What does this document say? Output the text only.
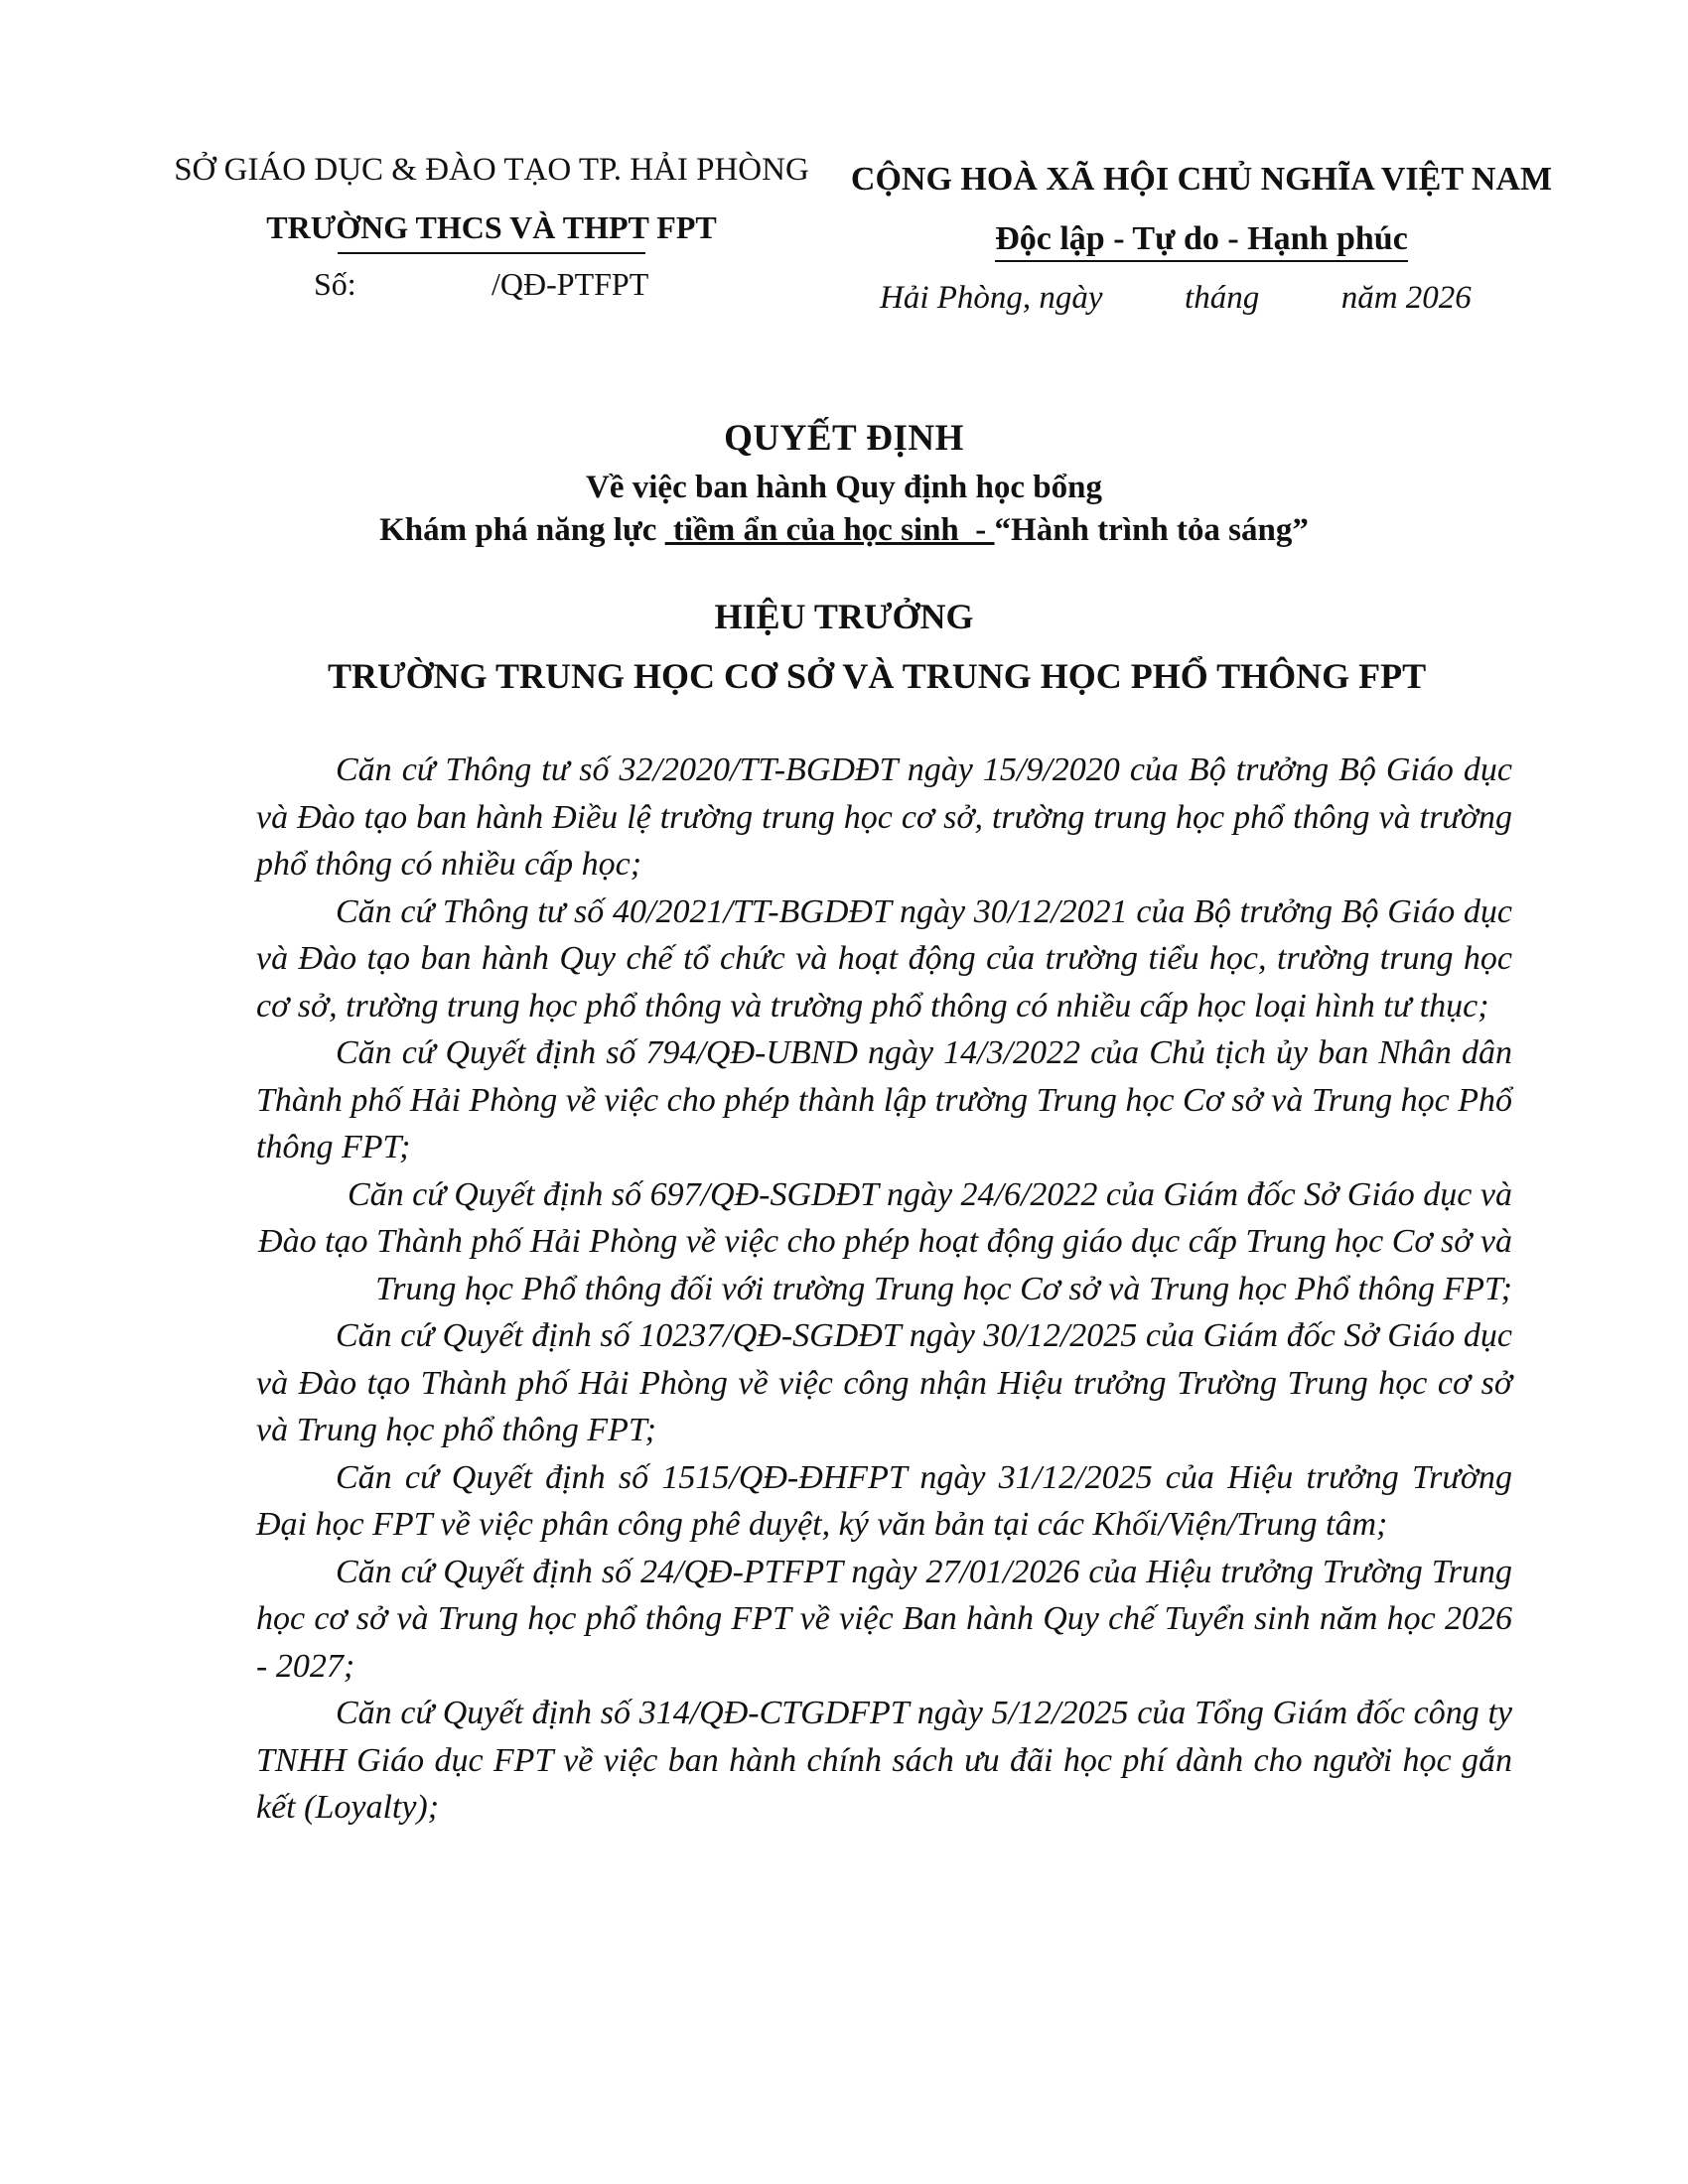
SỞ GIÁO DỤC & ĐÀO TẠO TP. HẢI PHÒNG
TRƯỜNG THCS VÀ THPT FPT
Số:	/QĐ-PTFPT
CỘNG HOÀ XÃ HỘI CHỦ NGHĨA VIỆT NAM
Độc lập - Tự do - Hạnh phúc
Hải Phòng, ngày          tháng          năm 2026
QUYẾT ĐỊNH
Về việc ban hành Quy định học bổng
Khám phá năng lực  tiềm ẩn của học sinh  - “Hành trình tỏa sáng”
HIỆU TRƯỞNG
TRƯỜNG TRUNG HỌC CƠ SỞ VÀ TRUNG HỌC PHỔ THÔNG FPT

Căn cứ Thông tư số 32/2020/TT-BGDĐT ngày 15/9/2020 của Bộ trưởng Bộ Giáo dục và Đào tạo ban hành Điều lệ trường trung học cơ sở, trường trung học phổ thông và trường phổ thông có nhiều cấp học;

Căn cứ Thông tư số 40/2021/TT-BGDĐT ngày 30/12/2021 của Bộ trưởng Bộ Giáo dục và Đào tạo ban hành Quy chế tổ chức và hoạt động của trường tiểu học, trường trung học cơ sở, trường trung học phổ thông và trường phổ thông có nhiều cấp học loại hình tư thục;

Căn cứ Quyết định số 794/QĐ-UBND ngày 14/3/2022 của Chủ tịch ủy ban Nhân dân Thành phố Hải Phòng về việc cho phép thành lập trường Trung học Cơ sở và Trung học Phổ thông FPT;

Căn cứ Quyết định số 697/QĐ-SGDĐT ngày 24/6/2022 của Giám đốc Sở Giáo dục và Đào tạo Thành phố Hải Phòng về việc cho phép hoạt động giáo dục cấp Trung học Cơ sở và Trung học Phổ thông đối với trường Trung học Cơ sở và Trung học Phổ thông FPT;

Căn cứ Quyết định số 10237/QĐ-SGDĐT ngày 30/12/2025 của Giám đốc Sở Giáo dục và Đào tạo Thành phố Hải Phòng về việc công nhận Hiệu trưởng Trường Trung học cơ sở và Trung học phổ thông FPT;

Căn cứ Quyết định số 1515/QĐ-ĐHFPT ngày 31/12/2025 của Hiệu trưởng Trường Đại học FPT về việc phân công phê duyệt, ký văn bản tại các Khối/Viện/Trung tâm;

Căn cứ Quyết định số 24/QĐ-PTFPT ngày 27/01/2026 của Hiệu trưởng Trường Trung học cơ sở và Trung học phổ thông FPT về việc Ban hành Quy chế Tuyển sinh năm học 2026 - 2027;

Căn cứ Quyết định số 314/QĐ-CTGDFPT ngày 5/12/2025 của Tổng Giám đốc công ty TNHH Giáo dục FPT về việc ban hành chính sách ưu đãi học phí dành cho người học gắn kết (Loyalty);
